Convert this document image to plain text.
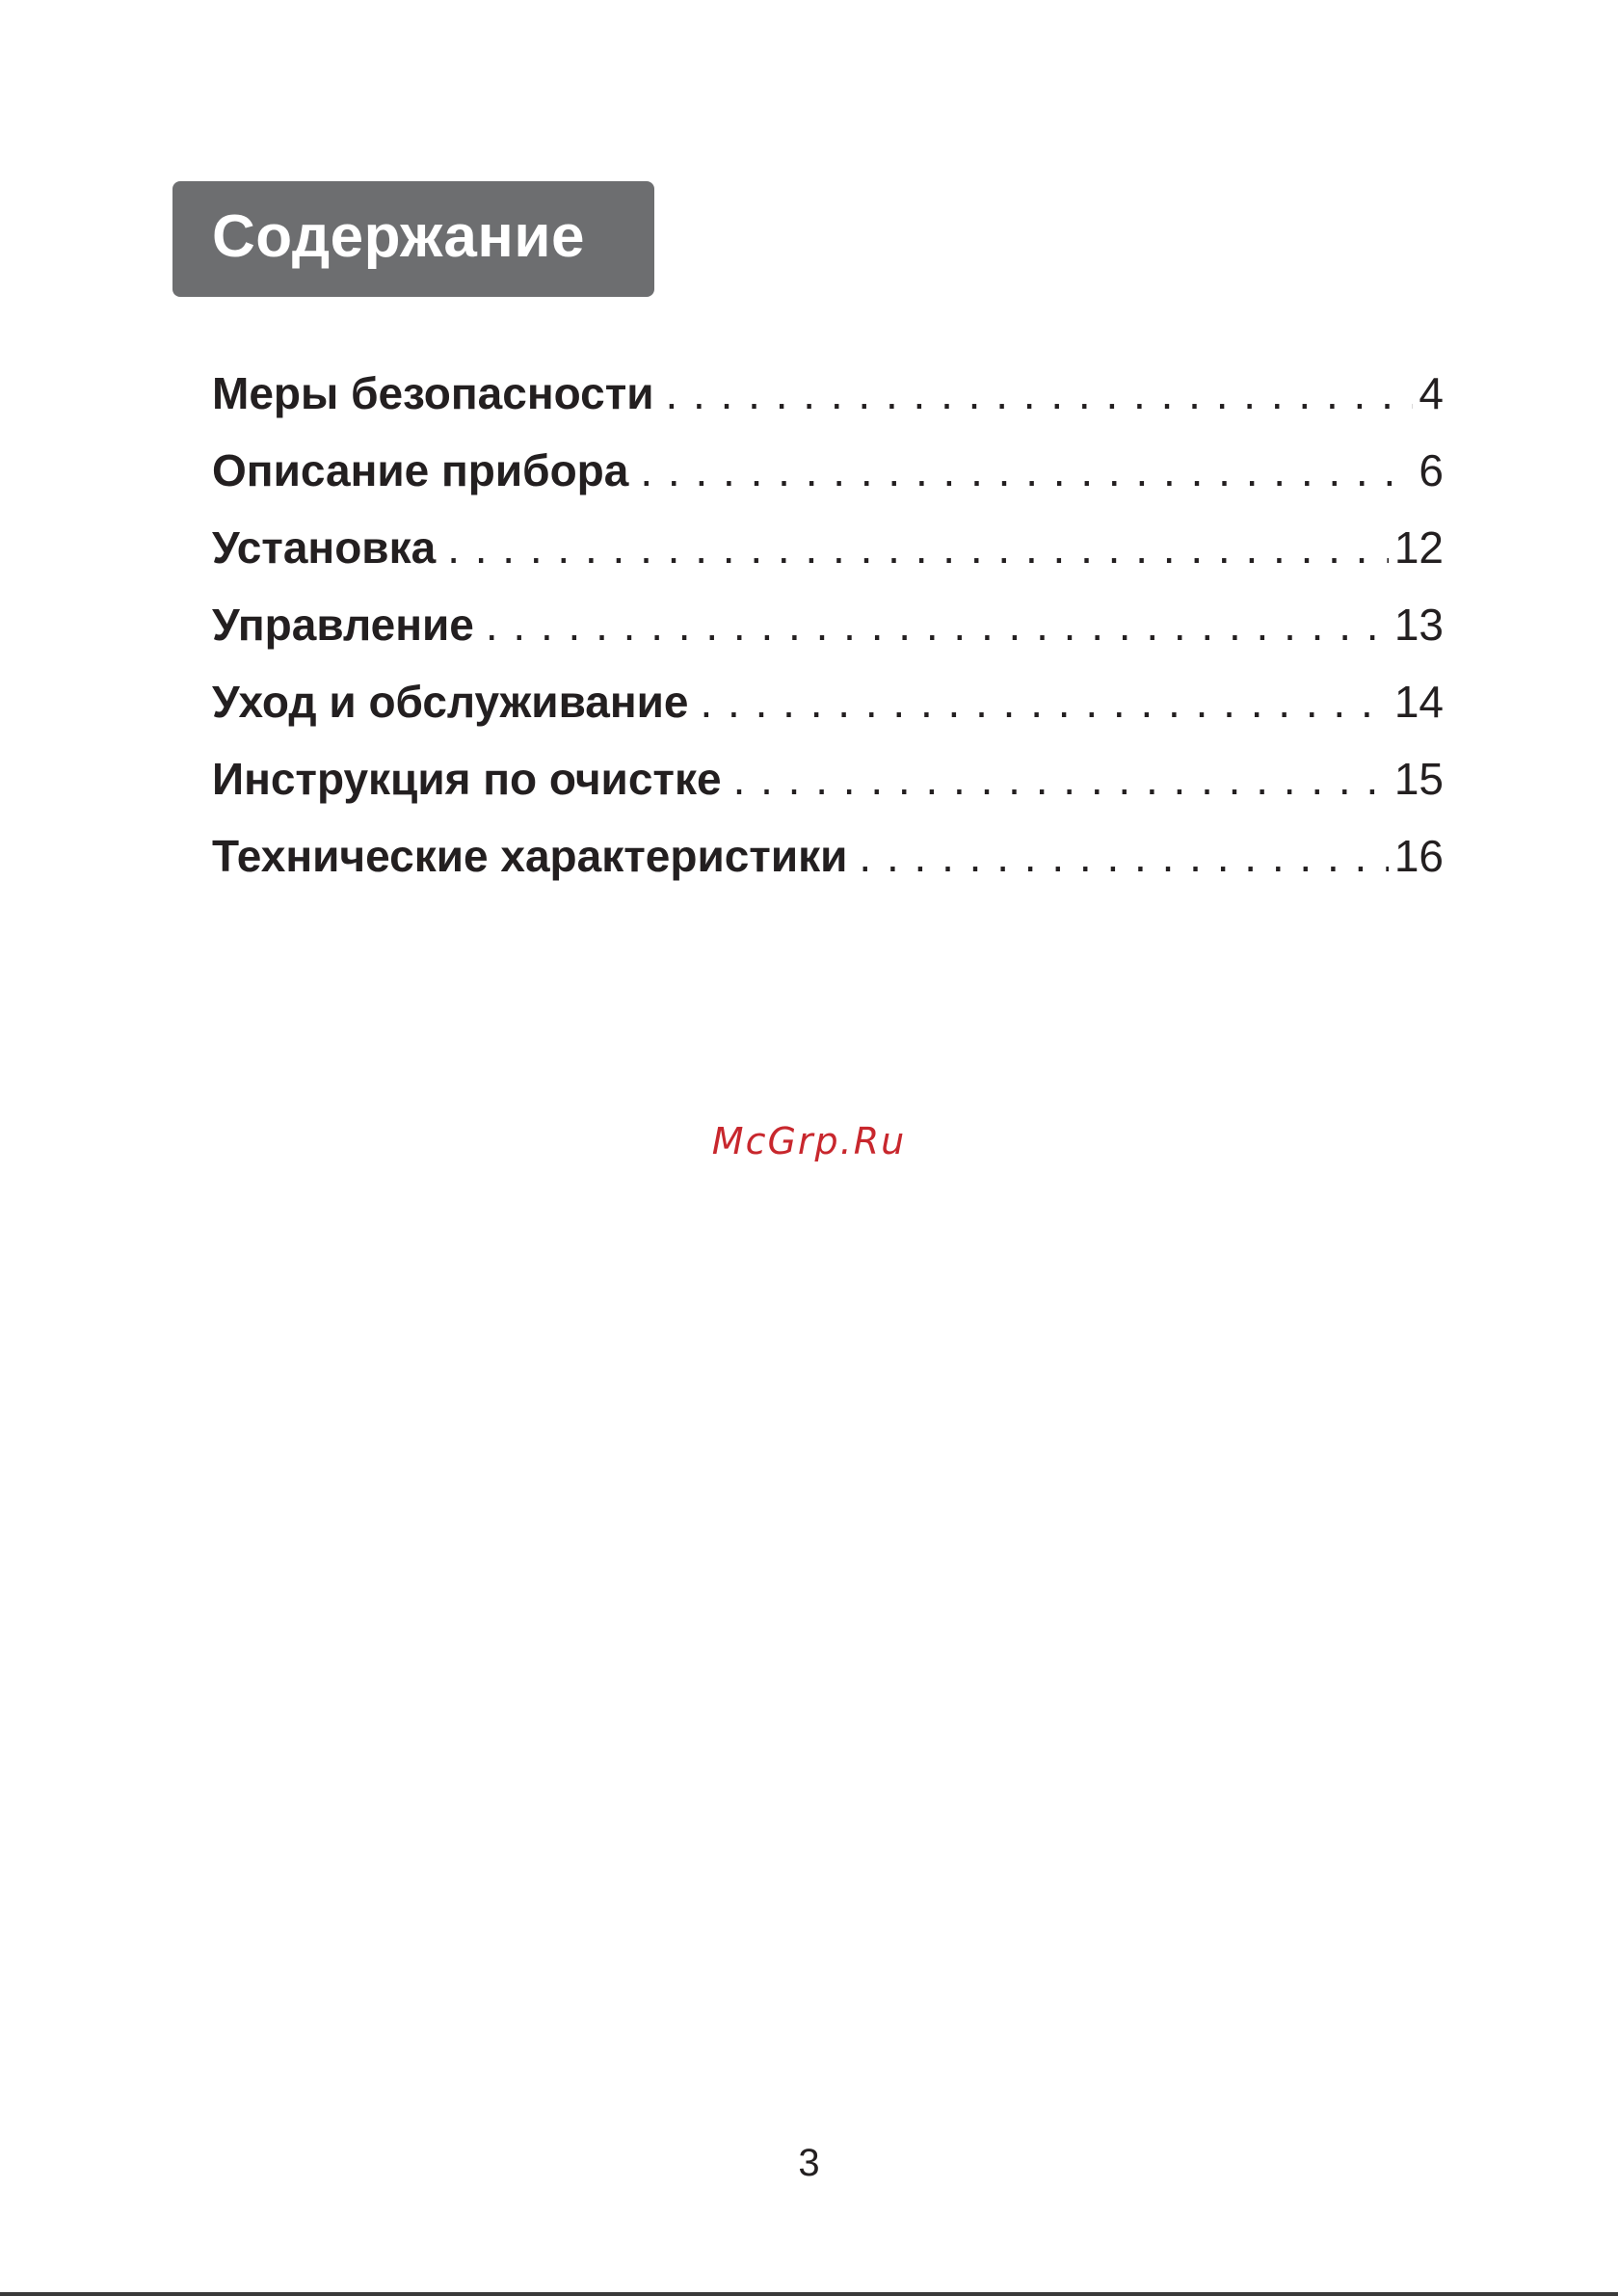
Содержание
Меры безопасности . . .	4
Описание прибора . . .	6
Установка . . .	12
Управление . . .	13
Уход и обслуживание . . .	14
Инструкция по очистке . . .	15
Технические характеристики . . .	16
McGrp.Ru
3
